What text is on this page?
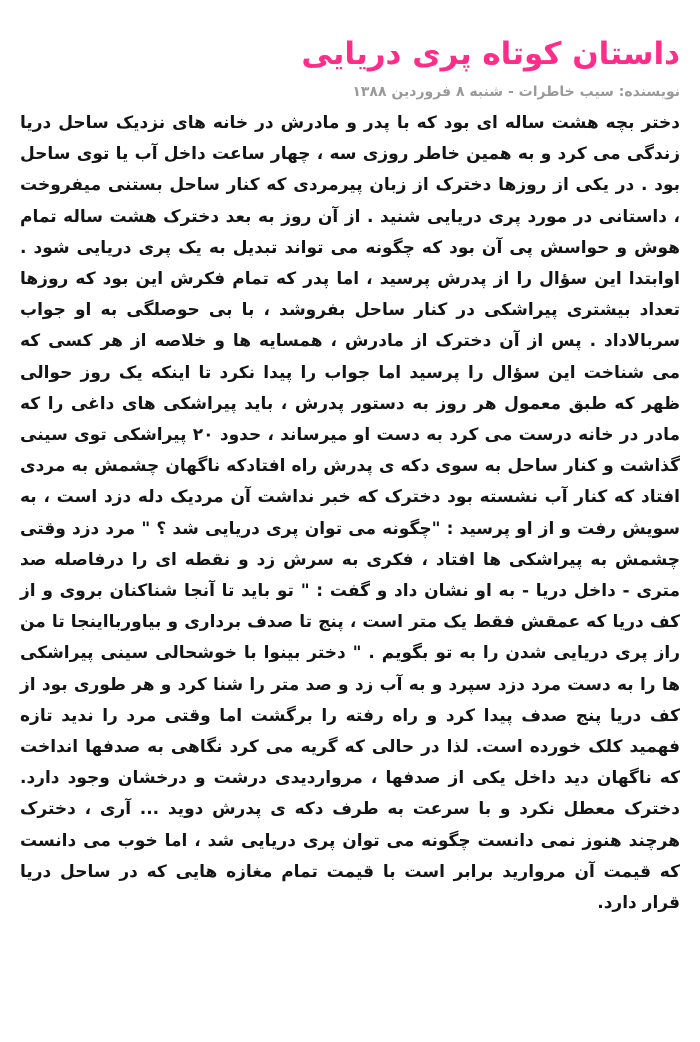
داستان کوتاه پری دریایی
نویسنده: سیب خاطرات - شنبه ۸ فروردین ۱۳۸۸

دختر بچه هشت ساله ای بود که با پدر و مادرش در خانه های نزدیک ساحل دریا زندگی می کرد و به همین خاطر روزی سه ، چهار ساعت داخل آب یا توی ساحل بود . در یکی از روزها دخترک از زبان پیرمردی که کنار ساحل بستنی میفروخت ، داستانی در مورد پری دریایی شنید . از آن روز به بعد دخترک هشت ساله تمام هوش و حواسش پی آن بود که چگونه می تواند تبدیل به یک پری دریایی شود . اوابتدا این سؤال را از پدرش پرسید ، اما پدر که تمام فکرش این بود که روزها تعداد بیشتری پیراشکی در کنار ساحل بفروشد ، با بی حوصلگی به او جواب سربالاداد . پس از آن دخترک از مادرش ، همسایه ها و خلاصه از هر کسی که می شناخت این سؤال را پرسید اما جواب را پیدا نکرد تا اینکه یک روز حوالی ظهر که طبق معمول هر روز به دستور پدرش ، باید پیراشکی های داغی را که مادر در خانه درست می کرد به دست او میرساند ، حدود ۲۰ پیراشکی توی سینی گذاشت و کنار ساحل به سوی دکه ی پدرش راه افتادکه ناگهان چشمش به مردی افتاد که کنار آب نشسته بود دخترک که خبر نداشت آن مردیک دله دزد است ، به سویش رفت و از او پرسید : "چگونه می توان پری دریایی شد ؟ " مرد دزد وقتی چشمش به پیراشکی ها افتاد ، فکری به سرش زد و نقطه ای را درفاصله صد متری - داخل دریا - به او نشان داد و گفت : " تو باید تا آنجا شناکنان بروی و از کف دریا که عمقش فقط یک متر است ، پنج تا صدف برداری و بیاوربااینجا تا من راز پری دریایی شدن را به تو بگویم . " دختر بینوا با خوشحالی سینی پیراشکی ها را به دست مرد دزد سپرد و به آب زد و صد متر را شنا کرد و هر طوری بود از کف دریا پنج صدف پیدا کرد و راه رفته را برگشت اما وقتی مرد را ندید تازه فهمید کلک خورده است. لذا در حالی که گریه می کرد نگاهی به صدفها انداخت که ناگهان دید داخل یکی از صدفها ، مرواردیدی درشت و درخشان وجود دارد. دخترک معطل نکرد و با سرعت به طرف دکه ی پدرش دوید ... آری ، دخترک هرچند هنوز نمی دانست چگونه می توان پری دریایی شد ، اما خوب می دانست که قیمت آن مروارید برابر است با قیمت تمام مغازه هایی که در ساحل دریا قرار دارد.
